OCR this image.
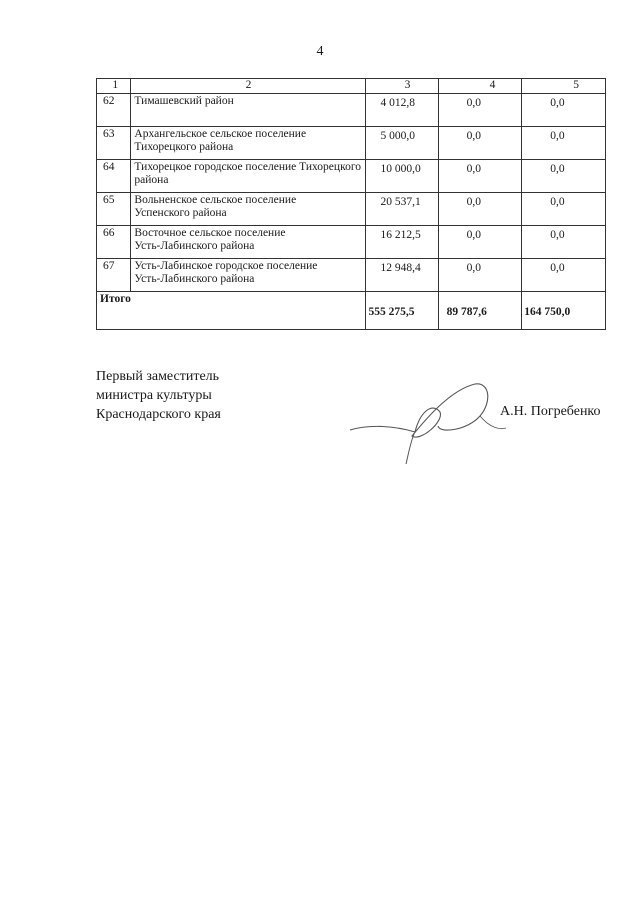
4
1	2	3	4	5
62	Тимашевский район	4 012,8	0,0	0,0
63	Архангельское сельское поселение
Тихорецкого района	5 000,0	0,0	0,0
64	Тихорецкое городское поселение Тихорецкого
района	10 000,0	0,0	0,0
65	Вольненское сельское поселение
Успенского района	20 537,1	0,0	0,0
66	Восточное сельское поселение
Усть-Лабинского района	16 212,5	0,0	0,0
67	Усть-Лабинское городское поселение
Усть-Лабинского района	12 948,4	0,0	0,0
Итого		555 275,5	89 787,6	164 750,0
Первый заместитель
министра культуры
Краснодарского края	А.Н. Погребенко
